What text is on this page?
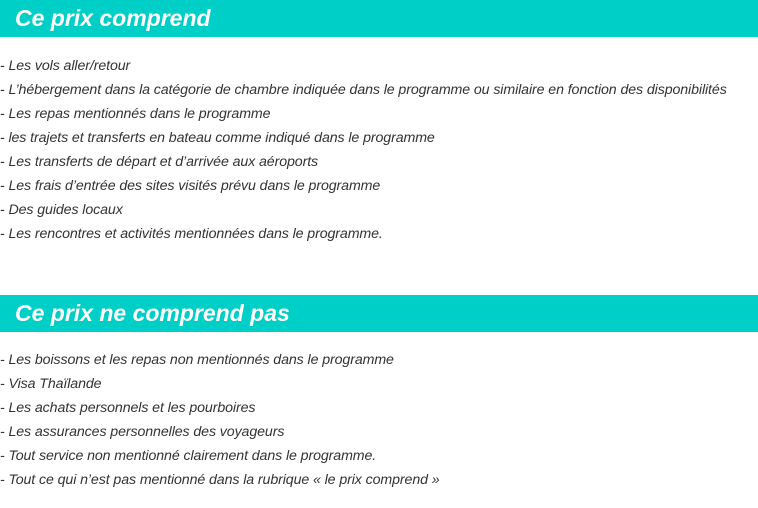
Ce prix comprend
- Les vols aller/retour
- L’hébergement dans la catégorie de chambre indiquée dans le programme ou similaire en fonction des disponibilités
- Les repas mentionnés dans le programme
- les trajets et transferts en bateau comme indiqué dans le programme
- Les transferts de départ et d’arrivée aux aéroports
- Les frais d’entrée des sites visités prévu dans le programme
- Des guides locaux
- Les rencontres et activités mentionnées dans le programme.
Ce prix ne comprend pas
- Les boissons et les repas non mentionnés dans le programme
- Visa Thaïlande
- Les achats personnels et les pourboires
- Les assurances personnelles des voyageurs
- Tout service non mentionné clairement dans le programme.
- Tout ce qui n’est pas mentionné dans la rubrique « le prix comprend »
